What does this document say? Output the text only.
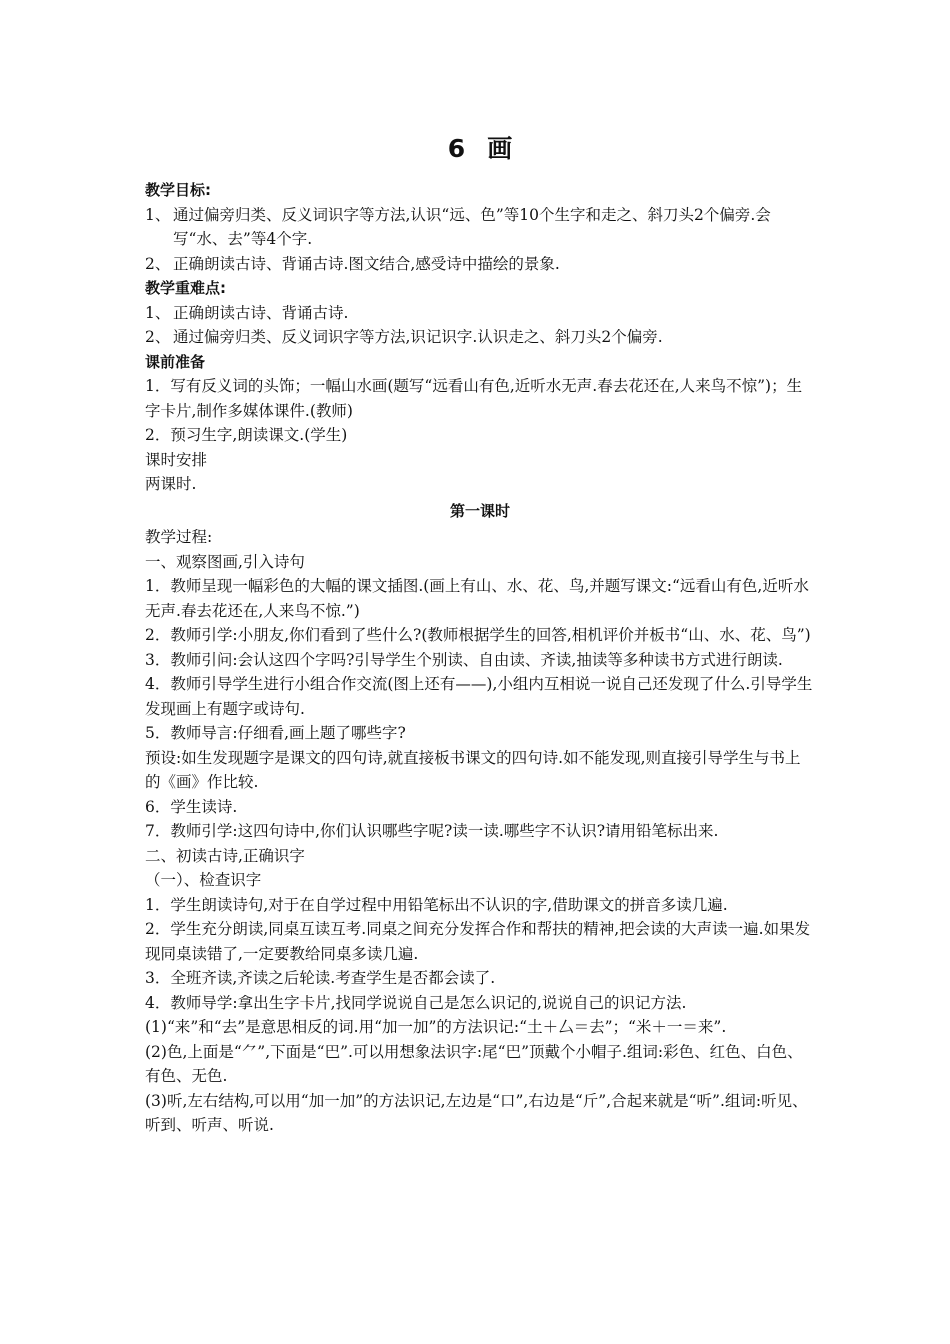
6 画
教学目标:
1、 通过偏旁归类、反义词识字等方法,认识“远、色”等10个生字和走之、斜刀头2个偏旁.会写“水、去”等4个字.
2、 正确朗读古诗、背诵古诗.图文结合,感受诗中描绘的景象.
教学重难点:
1、 正确朗读古诗、背诵古诗.
2、 通过偏旁归类、反义词识字等方法,识记识字.认识走之、斜刀头2个偏旁.
课前准备
1．写有反义词的头饰；一幅山水画(题写“远看山有色,近听水无声.春去花还在,人来鸟不惊”)；生字卡片,制作多媒体课件.(教师)
2．预习生字,朗读课文.(学生)
课时安排
两课时.
第一课时
教学过程:
一、观察图画,引入诗句
1．教师呈现一幅彩色的大幅的课文插图.(画上有山、水、花、鸟,并题写课文:“远看山有色,近听水无声.春去花还在,人来鸟不惊.”)
2．教师引学:小朋友,你们看到了些什么?(教师根据学生的回答,相机评价并板书“山、水、花、鸟”)
3．教师引问:会认这四个字吗?引导学生个别读、自由读、齐读,抽读等多种读书方式进行朗读.
4．教师引导学生进行小组合作交流(图上还有——),小组内互相说一说自己还发现了什么.引导学生发现画上有题字或诗句.
5．教师导言:仔细看,画上题了哪些字?
预设:如生发现题字是课文的四句诗,就直接板书课文的四句诗.如不能发现,则直接引导学生与书上的《画》作比较.
6．学生读诗.
7．教师引学:这四句诗中,你们认识哪些字呢?读一读.哪些字不认识?请用铅笔标出来.
二、初读古诗,正确识字
（一）、检查识字
1．学生朗读诗句,对于在自学过程中用铅笔标出不认识的字,借助课文的拼音多读几遍.
2．学生充分朗读,同桌互读互考.同桌之间充分发挥合作和帮扶的精神,把会读的大声读一遍.如果发现同桌读错了,一定要教给同桌多读几遍.
3．全班齐读,齐读之后轮读.考查学生是否都会读了.
4．教师导学:拿出生字卡片,找同学说说自己是怎么识记的,说说自己的识记方法.
(1)“来”和“去”是意思相反的词.用“加一加”的方法识记:“土＋厶＝去”；“米＋一＝来”.
(2)色,上面是“⺈”,下面是“巴”.可以用想象法识字:尾“巴”顶戴个小帽子.组词:彩色、红色、白色、有色、无色.
(3)听,左右结构,可以用“加一加”的方法识记,左边是“口”,右边是“斤”,合起来就是“听”.组词:听见、听到、听声、听说.
